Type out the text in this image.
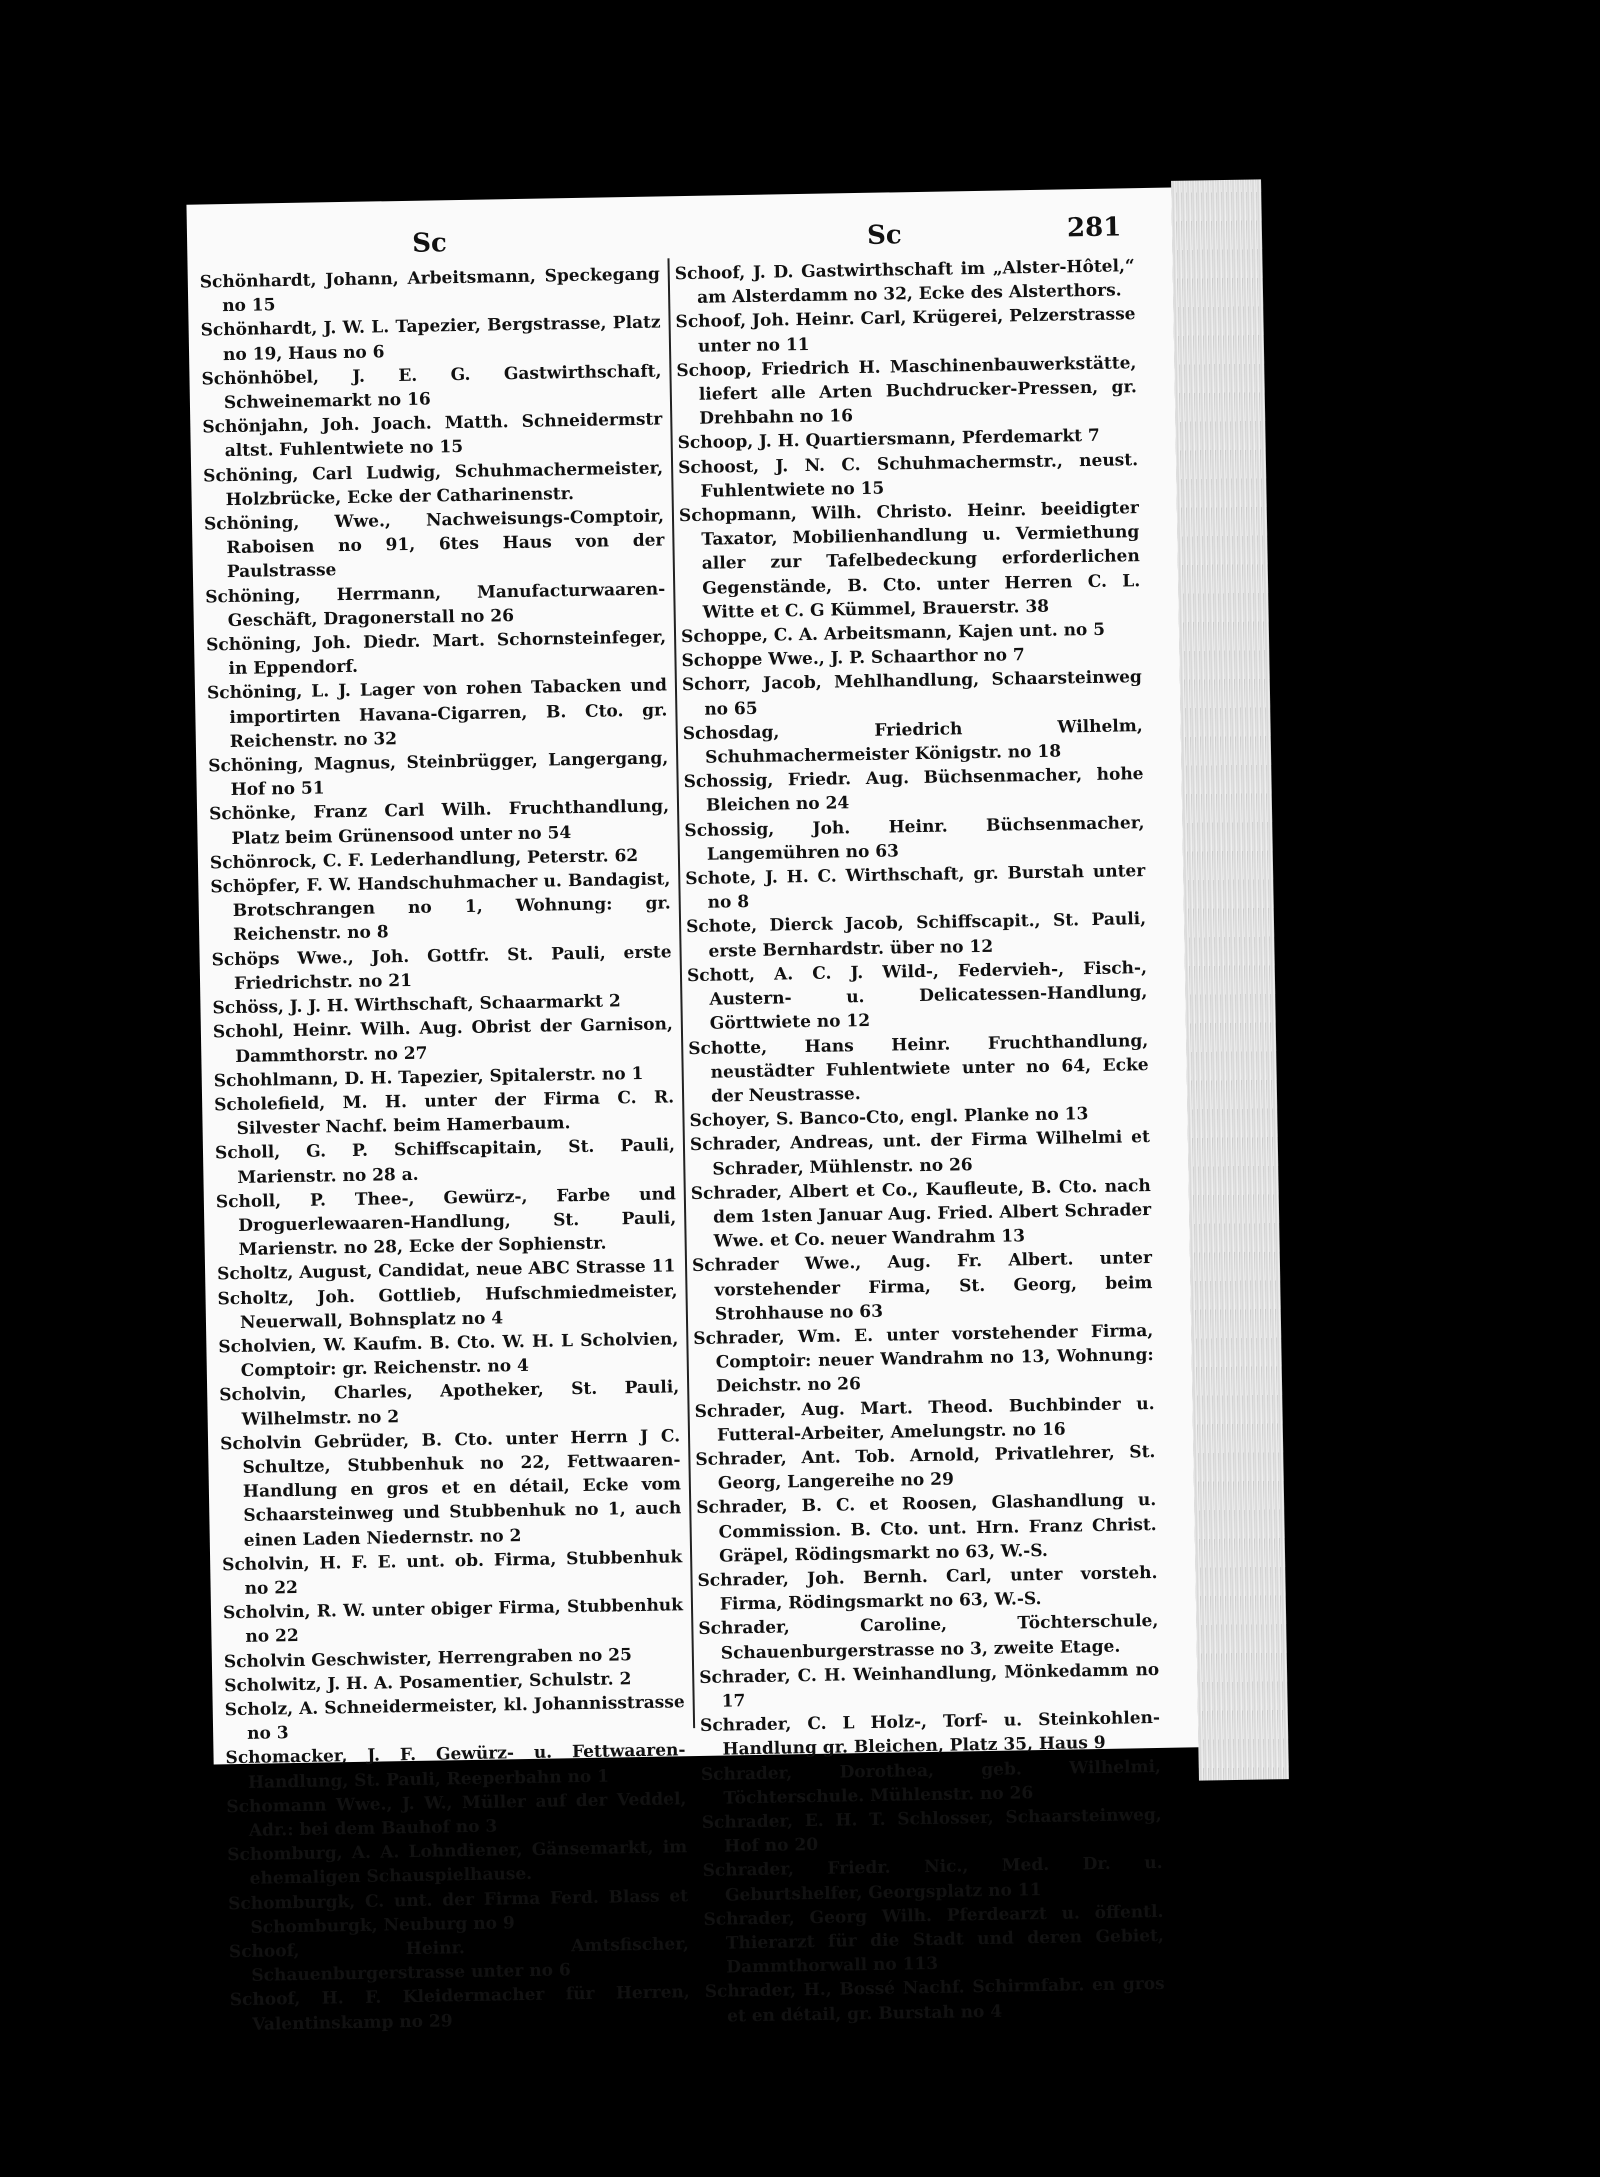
Sc	Sc	281

Schönhardt, Johann, Arbeitsmann, Speckegang no 15

Schönhardt, J. W. L. Tapezier, Bergstrasse, Platz no 19, Haus no 6

Schönhöbel, J. E. G. Gastwirthschaft, Schweinemarkt no 16

Schönjahn, Joh. Joach. Matth. Schneidermstr altst. Fuhlentwiete no 15

Schöning, Carl Ludwig, Schuhmachermeister, Holzbrücke, Ecke der Catharinenstr.

Schöning, Wwe., Nachweisungs-Comptoir, Raboisen no 91, 6tes Haus von der Paulstrasse

Schöning, Herrmann, Manufacturwaaren-Geschäft, Dragonerstall no 26

Schöning, Joh. Diedr. Mart. Schornsteinfeger, in Eppendorf.

Schöning, L. J. Lager von rohen Tabacken und importirten Havana-Cigarren, B. Cto. gr. Reichenstr. no 32

Schöning, Magnus, Steinbrügger, Langergang, Hof no 51

Schönke, Franz Carl Wilh. Fruchthandlung, Platz beim Grünensood unter no 54

Schönrock, C. F. Lederhandlung, Peterstr. 62

Schöpfer, F. W. Handschuhmacher u. Bandagist, Brotschrangen no 1, Wohnung: gr. Reichenstr. no 8

Schöps Wwe., Joh. Gottfr. St. Pauli, erste Friedrichstr. no 21

Schöss, J. J. H. Wirthschaft, Schaarmarkt 2

Schohl, Heinr. Wilh. Aug. Obrist der Garnison, Dammthorstr. no 27

Schohlmann, D. H. Tapezier, Spitalerstr. no 1

Scholefield, M. H. unter der Firma C. R. Silvester Nachf. beim Hamerbaum.

Scholl, G. P. Schiffscapitain, St. Pauli, Marienstr. no 28 a.

Scholl, P. Thee-, Gewürz-, Farbe und Droguerlewaaren-Handlung, St. Pauli, Marienstr. no 28, Ecke der Sophienstr.

Scholtz, August, Candidat, neue ABC Strasse 11

Scholtz, Joh. Gottlieb, Hufschmiedmeister, Neuerwall, Bohnsplatz no 4

Scholvien, W. Kaufm. B. Cto. W. H. L Scholvien, Comptoir: gr. Reichenstr. no 4

Scholvin, Charles, Apotheker, St. Pauli, Wilhelmstr. no 2

Scholvin Gebrüder, B. Cto. unter Herrn J C. Schultze, Stubbenhuk no 22, Fettwaaren-Handlung en gros et en détail, Ecke vom Schaarsteinweg und Stubbenhuk no 1, auch einen Laden Niedernstr. no 2

Scholvin, H. F. E. unt. ob. Firma, Stubbenhuk no 22

Scholvin, R. W. unter obiger Firma, Stubbenhuk no 22

Scholvin Geschwister, Herrengraben no 25

Scholwitz, J. H. A. Posamentier, Schulstr. 2

Scholz, A. Schneidermeister, kl. Johannisstrasse no 3

Schomacker, J. F. Gewürz- u. Fettwaaren-Handlung, St. Pauli, Reeperbahn no 1

Schomann Wwe., J. W., Müller auf der Veddel, Adr.: bei dem Bauhof no 3

Schomburg, A. A. Lohndiener, Gänsemarkt, im ehemaligen Schauspielhause.

Schomburgk, C. unt. der Firma Ferd. Blass et Schomburgk, Neuburg no 9

Schoof, Heinr. Amtsfischer, Schauenburgerstrasse unter no 6

Schoof, H. F. Kleidermacher für Herren, Valentinskamp no 29

Schoof, J. D. Gastwirthschaft im „Alster-Hôtel,“ am Alsterdamm no 32, Ecke des Alsterthors.

Schoof, Joh. Heinr. Carl, Krügerei, Pelzerstrasse unter no 11

Schoop, Friedrich H. Maschinenbauwerkstätte, liefert alle Arten Buchdrucker-Pressen, gr. Drehbahn no 16

Schoop, J. H. Quartiersmann, Pferdemarkt 7

Schoost, J. N. C. Schuhmachermstr., neust. Fuhlentwiete no 15

Schopmann, Wilh. Christo. Heinr. beeidigter Taxator, Mobilienhandlung u. Vermiethung aller zur Tafelbedeckung erforderlichen Gegenstände, B. Cto. unter Herren C. L. Witte et C. G Kümmel, Brauerstr. 38

Schoppe, C. A. Arbeitsmann, Kajen unt. no 5

Schoppe Wwe., J. P. Schaarthor no 7

Schorr, Jacob, Mehlhandlung, Schaarsteinweg no 65

Schosdag, Friedrich Wilhelm, Schuhmachermeister Königstr. no 18

Schossig, Friedr. Aug. Büchsenmacher, hohe Bleichen no 24

Schossig, Joh. Heinr. Büchsenmacher, Langemühren no 63

Schote, J. H. C. Wirthschaft, gr. Burstah unter no 8

Schote, Dierck Jacob, Schiffscapit., St. Pauli, erste Bernhardstr. über no 12

Schott, A. C. J. Wild-, Federvieh-, Fisch-, Austern- u. Delicatessen-Handlung, Görttwiete no 12

Schotte, Hans Heinr. Fruchthandlung, neustädter Fuhlentwiete unter no 64, Ecke der Neustrasse.

Schoyer, S. Banco-Cto, engl. Planke no 13

Schrader, Andreas, unt. der Firma Wilhelmi et Schrader, Mühlenstr. no 26

Schrader, Albert et Co., Kaufleute, B. Cto. nach dem 1sten Januar Aug. Fried. Albert Schrader Wwe. et Co. neuer Wandrahm 13

Schrader Wwe., Aug. Fr. Albert. unter vorstehender Firma, St. Georg, beim Strohhause no 63

Schrader, Wm. E. unter vorstehender Firma, Comptoir: neuer Wandrahm no 13, Wohnung: Deichstr. no 26

Schrader, Aug. Mart. Theod. Buchbinder u. Futteral-Arbeiter, Amelungstr. no 16

Schrader, Ant. Tob. Arnold, Privatlehrer, St. Georg, Langereihe no 29

Schrader, B. C. et Roosen, Glashandlung u. Commission. B. Cto. unt. Hrn. Franz Christ. Gräpel, Rödingsmarkt no 63, W.-S.

Schrader, Joh. Bernh. Carl, unter vorsteh. Firma, Rödingsmarkt no 63, W.-S.

Schrader, Caroline, Töchterschule, Schauenburgerstrasse no 3, zweite Etage.

Schrader, C. H. Weinhandlung, Mönkedamm no 17

Schrader, C. L Holz-, Torf- u. Steinkohlen-Handlung gr. Bleichen, Platz 35, Haus 9

Schrader, Dorothea, geb. Wilhelmi, Töchterschule. Mühlenstr. no 26

Schrader, E. H. T. Schlosser, Schaarsteinweg, Hof no 20

Schrader, Friedr. Nic., Med. Dr. u. Geburtshelfer, Georgsplatz no 11

Schrader, Georg Wilh. Pferdearzt u. öffentl. Thierarzt für die Stadt und deren Gebiet, Dammthorwall no 113

Schrader, H., Bossé Nachf. Schirmfabr. en gros et en détail, gr. Burstah no 4
